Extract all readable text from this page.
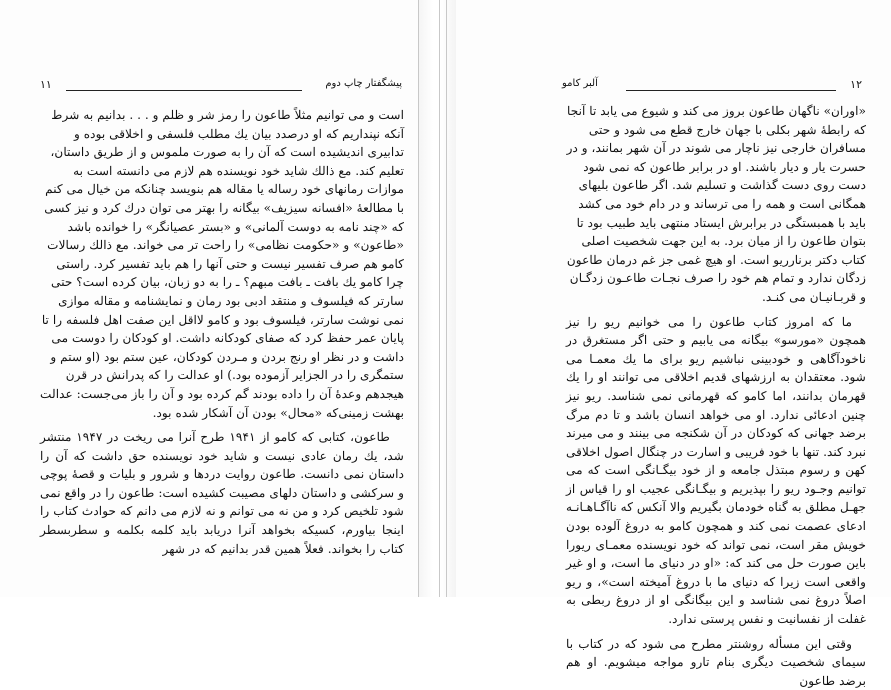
۱۱	پیشگفتار چاپ دوم

است و می توانیم مثلاً طاعون را رمز شر و ظلم و . . . بدانیم به شرط آنکه نپنداریم که او درصدد بیان یك مطلب فلسفی و اخلاقی بوده و تدابیری اندیشیده است که آن را به صورت ملموس و از طریق داستان، تعلیم کند. مع ذالك شاید خود نویسنده هم لازم می دانسته است به موازات رمانهای خود رساله یا مقاله هم بنویسد چنانکه من خیال می کنم با مطالعهٔ «افسانه سیزیف» بیگانه را بهتر می توان درك کرد و نیز کسی که «چند نامه به دوست آلمانی» و «بستر عصیانگر» را خوانده باشد «طاعون» و «حکومت نظامی» را راحت تر می خواند. مع ذالك رسالات کامو هم صرف تفسیر نیست و حتی آنها را هم باید تفسیر کرد. راستی چرا کامو یك بافت ـ بافت مبهم؟ ـ را به دو زبان، بیان کرده است؟ حتی سارتر که فیلسوف و منتقد ادبی بود رمان و نمایشنامه و مقاله موازی نمی نوشت سارتر، فیلسوف بود و کامو لااقل این صفت اهل فلسفه را تا پایان عمر حفظ کرد که صفای کودکانه داشت. او کودکان را دوست می داشت و در نظر او رنج بردن و مـردن کودکان، عین ستم بود (او ستم و ستمگری را در الجزایر آزموده بود.) او عدالت را که پدرانش در قرن هیجدهم وعدهٔ آن را داده بودند گم کرده بود و آن را باز می‌جست: عدالت بهشت زمینی‌که «محال» بودن آن آشکار شده بود.

طاعون، کتابی که کامو از ۱۹۴۱ طرح آنرا می ریخت در ۱۹۴۷ منتشر شد، یك رمان عادی نیست و شاید خود نویسنده حق داشت که آن را داستان نمی دانست. طاعون روایت دردها و شرور و بلیات و قصهٔ پوچی و سرکشی و داستان دلهای مصیبت کشیده است: طاعون را در واقع نمی شود تلخیص کرد و من نه می توانم و نه لازم می دانم که حوادث کتاب را اینجا بیاورم، کسیکه بخواهد آنرا دریابد باید کلمه بکلمه و سطربسطر کتاب را بخواند. فعلاً همین قدر بدانیم که در شهر

۱۲
آلبر کامو

«اوران» ناگهان طاعون بروز می کند و شیوع می یابد تا آنجا که رابطهٔ شهر بکلی با جهان خارج قطع می شود و حتی مسافران خارجی نیز ناچار می شوند در آن شهر بمانند، و در حسرت یار و دیار باشند. او در برابر طاعون که نمی شود دست روی دست گذاشت و تسلیم شد. اگر طاعون بلیهای همگانی است و همه را می ترساند و در دام خود می کشد باید با همبستگی در برابرش ایستاد منتهی باید طبیب بود تا بتوان طاعون را از میان برد. به این جهت شخصیت اصلی کتاب دکتر برنارریو است. او هیچ غمی جز غم درمان طاعون زدگان ندارد و تمام هم خود را صرف نجـات طاعـون زدگـان و قربـانیـان می کنـد.

ما که امروز کتاب طاعون را می خوانیم ریو را نیز همچون «مورسو» بیگانه می یابیم و حتی اگر مستغرق در ناخودآگاهی و خودبینی نباشیم ریو برای ما یك معمـا می شود. معتقدان به ارزشهای قدیم اخلاقی می توانند او را یك قهرمان بدانند، اما کامو که قهرمانی نمی شناسد. ریو نیز چنین ادعائی ندارد. او می خواهد انسان باشد و تا دم مرگ برضد جهانی که کودکان در آن شکنجه می بینند و می میرند نبرد کند. تنها با خود فریبی و اسارت در چنگال اصول اخلاقی کهن و رسوم مبتذل جامعه و از خود بیگـانگی است که می توانیم وجـود ریو را بپذیریم و بیگـانگی عجیب او را قیاس از جهـل مطلق به گناه خودمان بگیریم والا آنکس که ناآگـاهـانـه ادعای عصمت نمی کند و همچون کامو به دروغ آلوده بودن خویش مقر است، نمی تواند که خود نویسنده معمـای ریورا باین صورت حل می کند که: «او در دنیای ما است، و او غیر واقعی است زیرا که دنیای ما با دروغ آمیخته است»، و ریو اصلاً دروغ نمی شناسد و این بیگانگی او از دروغ ربطی به غفلت از نفسانیت و نفس پرستی ندارد.

وقتی این مسأله روشنتر مطرح می شود که در کتاب با سیمای شخصیت دیگری بنام تارو مواجه میشویم. او هم برضد طاعون
